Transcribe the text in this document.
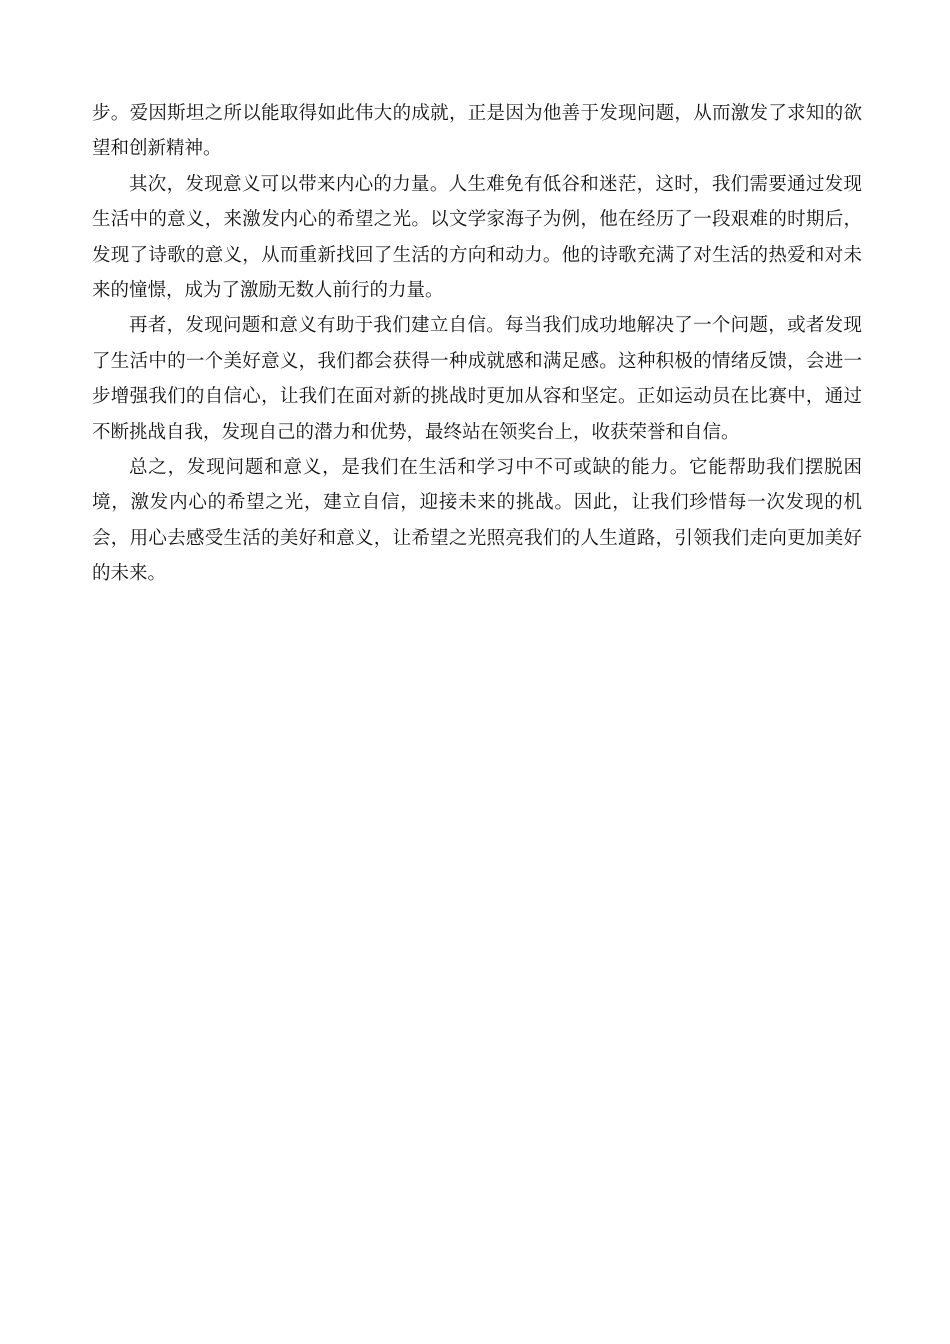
步。爱因斯坦之所以能取得如此伟大的成就，正是因为他善于发现问题，从而激发了求知的欲望和创新精神。

其次，发现意义可以带来内心的力量。人生难免有低谷和迷茫，这时，我们需要通过发现生活中的意义，来激发内心的希望之光。以文学家海子为例，他在经历了一段艰难的时期后，发现了诗歌的意义，从而重新找回了生活的方向和动力。他的诗歌充满了对生活的热爱和对未来的憧憬，成为了激励无数人前行的力量。

再者，发现问题和意义有助于我们建立自信。每当我们成功地解决了一个问题，或者发现了生活中的一个美好意义，我们都会获得一种成就感和满足感。这种积极的情绪反馈，会进一步增强我们的自信心，让我们在面对新的挑战时更加从容和坚定。正如运动员在比赛中，通过不断挑战自我，发现自己的潜力和优势，最终站在领奖台上，收获荣誉和自信。

总之，发现问题和意义，是我们在生活和学习中不可或缺的能力。它能帮助我们摆脱困境，激发内心的希望之光，建立自信，迎接未来的挑战。因此，让我们珍惜每一次发现的机会，用心去感受生活的美好和意义，让希望之光照亮我们的人生道路，引领我们走向更加美好的未来。
